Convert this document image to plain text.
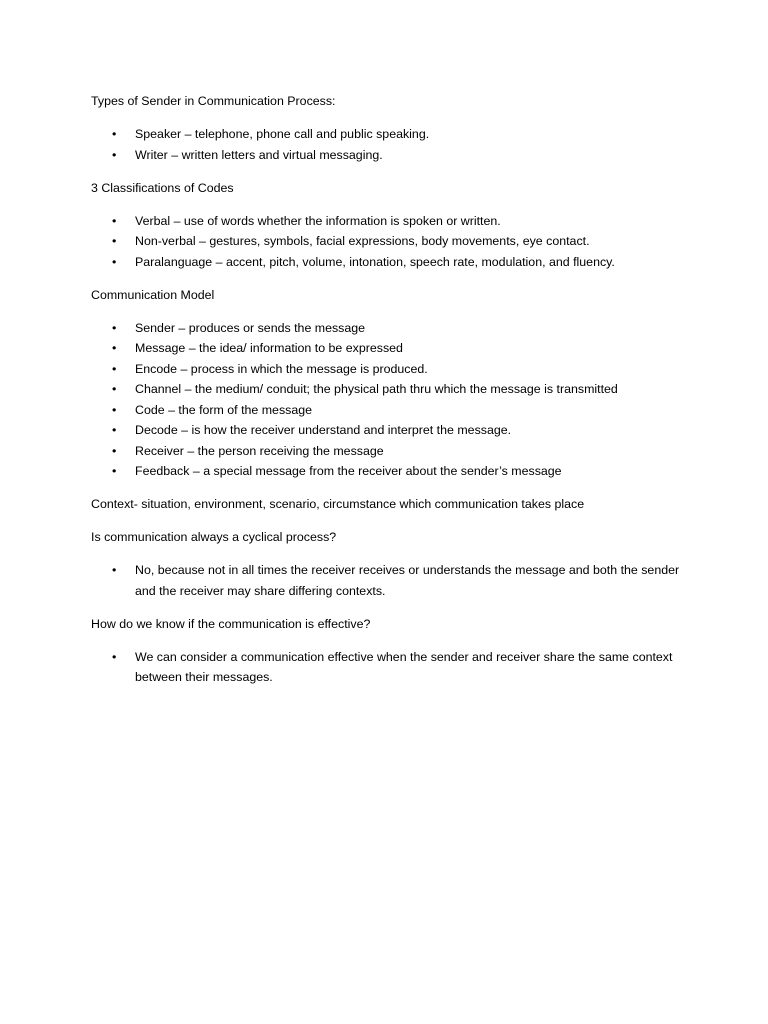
Types of Sender in Communication Process:

• Speaker – telephone, phone call and public speaking.
• Writer – written letters and virtual messaging.

3 Classifications of Codes

• Verbal – use of words whether the information is spoken or written.
• Non-verbal – gestures, symbols, facial expressions, body movements, eye contact.
• Paralanguage – accent, pitch, volume, intonation, speech rate, modulation, and fluency.

Communication Model

• Sender – produces or sends the message
• Message – the idea/ information to be expressed
• Encode – process in which the message is produced.
• Channel – the medium/ conduit; the physical path thru which the message is transmitted
• Code – the form of the message
• Decode – is how the receiver understand and interpret the message.
• Receiver – the person receiving the message
• Feedback – a special message from the receiver about the sender’s message

Context- situation, environment, scenario, circumstance which communication takes place

Is communication always a cyclical process?

• No, because not in all times the receiver receives or understands the message and both the sender and the receiver may share differing contexts.

How do we know if the communication is effective?

• We can consider a communication effective when the sender and receiver share the same context between their messages.
